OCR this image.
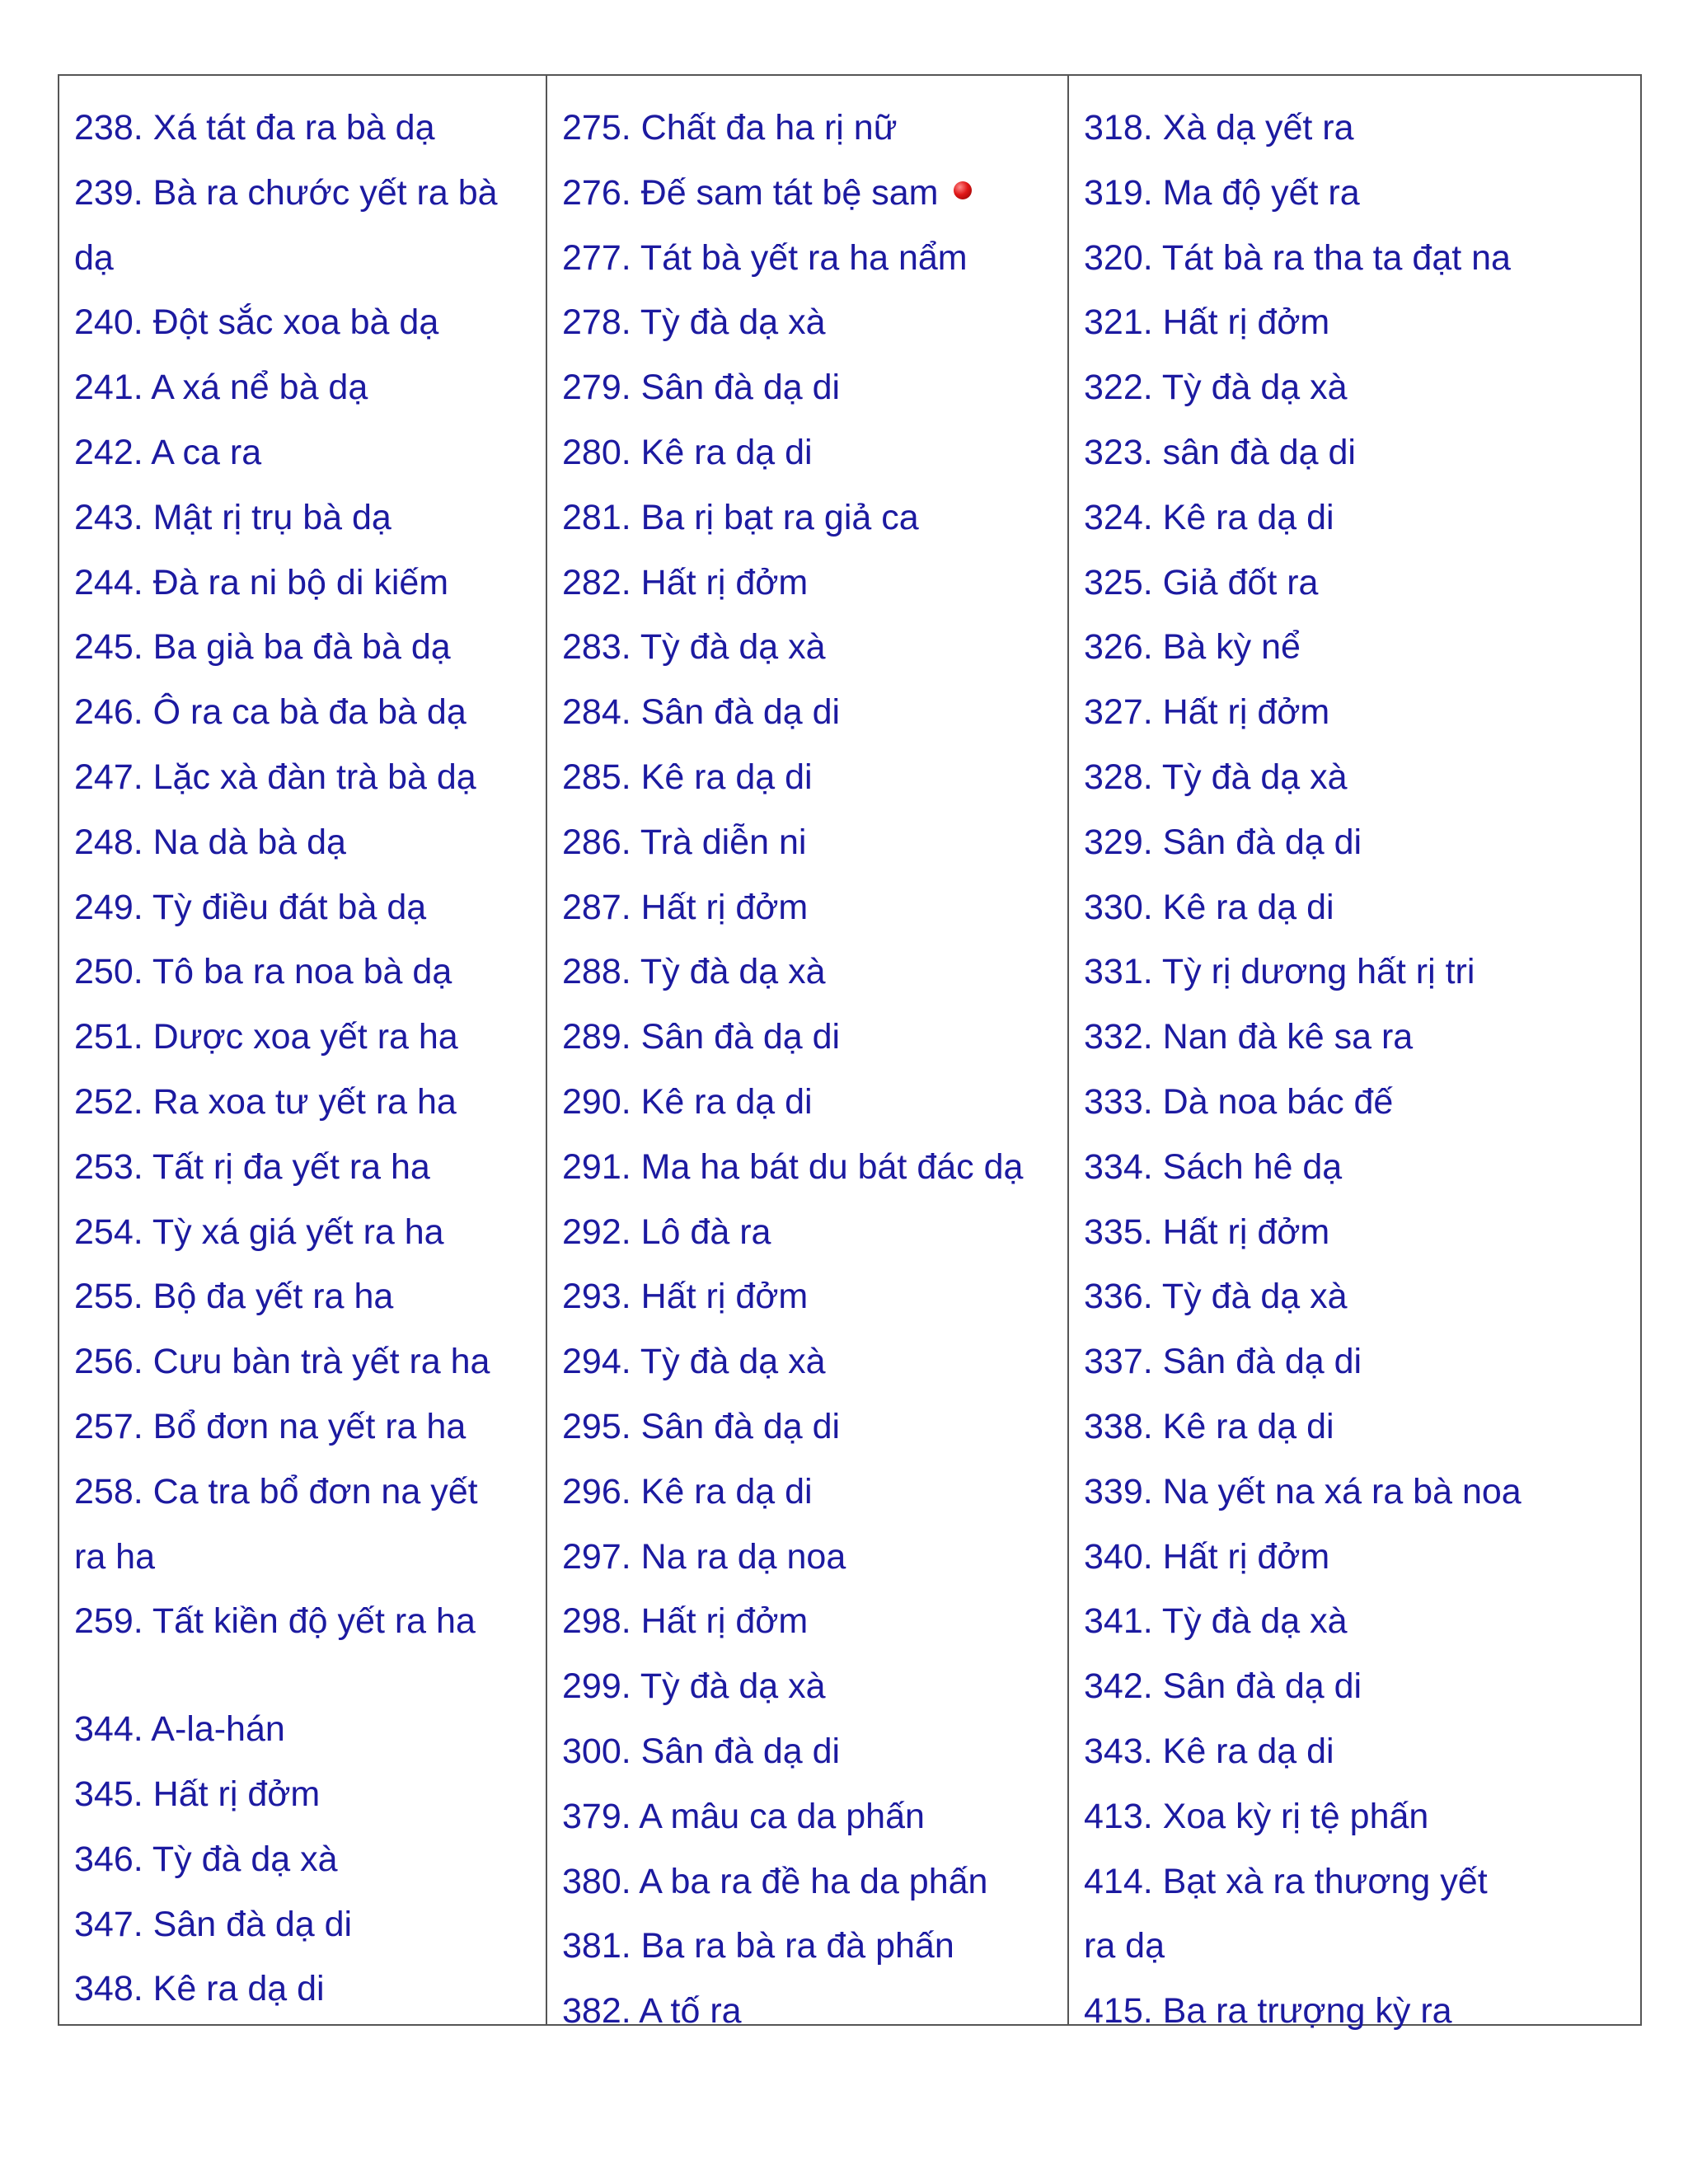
238. Xá tát đa ra bà dạ
239. Bà ra chước yết ra bà
dạ
240. Đột sắc xoa bà dạ
241. A xá nể bà dạ
242. A ca ra
243. Mật rị trụ bà dạ
244. Đà ra ni bộ di kiếm
245. Ba già ba đà bà dạ
246. Ô ra ca bà đa bà dạ
247. Lặc xà đàn trà bà dạ
248. Na dà bà dạ
249. Tỳ điều đát bà dạ
250. Tô ba ra noa bà dạ
251. Dược xoa yết ra ha
252. Ra xoa tư yết ra ha
253. Tất rị đa yết ra ha
254. Tỳ xá giá yết ra ha
255. Bộ đa yết ra ha
256. Cưu bàn trà yết ra ha
257. Bổ đơn na yết ra ha
258. Ca tra bổ đơn na yết
ra ha
259. Tất kiền độ yết ra ha
344. A-la-hán
345. Hất rị đởm
346. Tỳ đà dạ xà
347. Sân đà dạ di
348. Kê ra dạ di
275. Chất đa ha rị nữ
276. Đế sam tát bệ sam
277. Tát bà yết ra ha nẩm
278. Tỳ đà dạ xà
279. Sân đà dạ di
280. Kê ra dạ di
281. Ba rị bạt ra giả ca
282. Hất rị đởm
283. Tỳ đà dạ xà
284. Sân đà dạ di
285. Kê ra dạ di
286. Trà diễn ni
287. Hất rị đởm
288. Tỳ đà dạ xà
289. Sân đà dạ di
290. Kê ra dạ di
291. Ma ha bát du bát đác dạ
292. Lô đà ra
293. Hất rị đởm
294. Tỳ đà dạ xà
295. Sân đà dạ di
296. Kê ra dạ di
297. Na ra dạ noa
298. Hất rị đởm
299. Tỳ đà dạ xà
300. Sân đà dạ di
379. A mâu ca da phấn
380. A ba ra đề ha da phấn
381. Ba ra bà ra đà phấn
382. A tố ra
318. Xà dạ yết ra
319. Ma độ yết ra
320. Tát bà ra tha ta đạt na
321. Hất rị đởm
322. Tỳ đà dạ xà
323. sân đà dạ di
324. Kê ra dạ di
325. Giả đốt ra
326. Bà kỳ nể
327. Hất rị đởm
328. Tỳ đà dạ xà
329. Sân đà dạ di
330. Kê ra dạ di
331. Tỳ rị dương hất rị tri
332. Nan đà kê sa ra
333. Dà noa bác đế
334. Sách hê dạ
335. Hất rị đởm
336. Tỳ đà dạ xà
337. Sân đà dạ di
338. Kê ra dạ di
339. Na yết na xá ra bà noa
340. Hất rị đởm
341. Tỳ đà dạ xà
342. Sân đà dạ di
343. Kê ra dạ di
413. Xoa kỳ rị tệ phấn
414. Bạt xà ra thương yết
ra dạ
415. Ba ra trượng kỳ ra
